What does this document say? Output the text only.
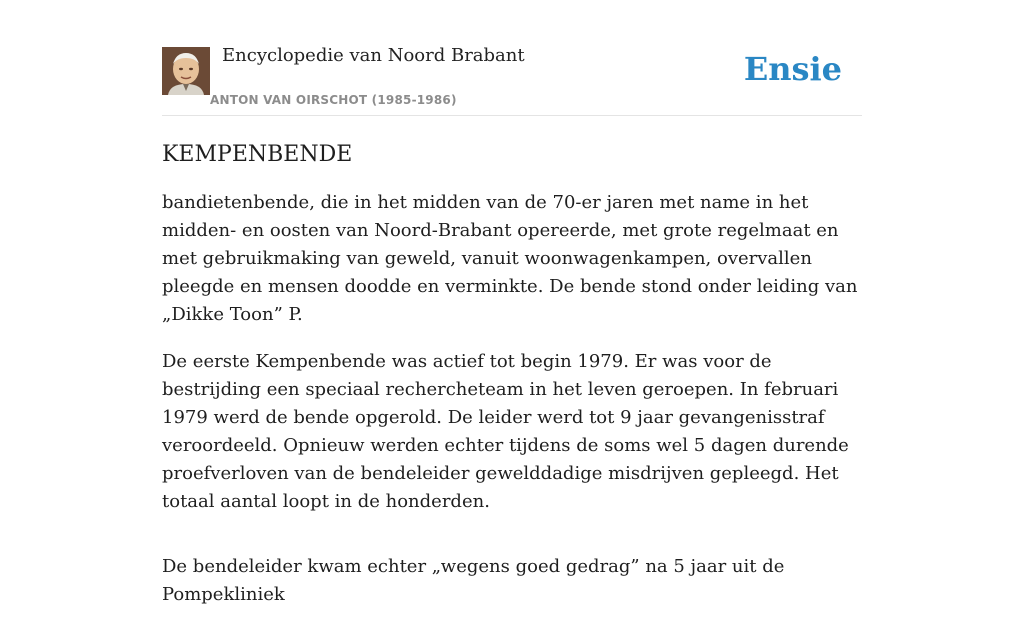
Encyclopedie van Noord Brabant
ANTON VAN OIRSCHOT (1985-1986)
Ensie
KEMPENBENDE

bandietenbende, die in het midden van de 70-er jaren met name in het midden- en oosten van Noord-Brabant opereerde, met grote regelmaat en met gebruikmaking van geweld, vanuit woonwagenkampen, overvallen pleegde en mensen doodde en verminkte. De bende stond onder leiding van „Dikke Toon” P.

De eerste Kempenbende was actief tot begin 1979. Er was voor de bestrijding een speciaal rechercheteam in het leven geroepen. In februari 1979 werd de bende opgerold. De leider werd tot 9 jaar gevangenisstraf veroordeeld. Opnieuw werden echter tijdens de soms wel 5 dagen durende proefverloven van de bendeleider gewelddadige misdrijven gepleegd. Het totaal aantal loopt in de honderden.

De bendeleider kwam echter „wegens goed gedrag” na 5 jaar uit de Pompekliniek
